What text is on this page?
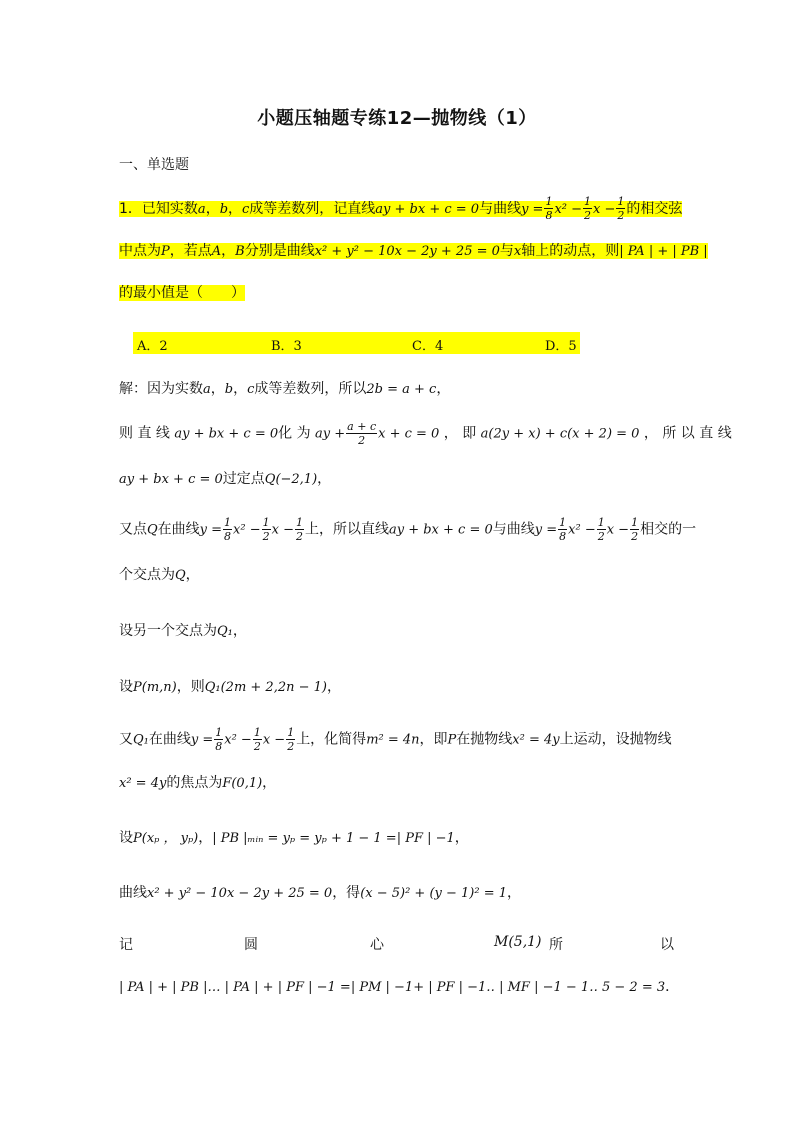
小题压轴题专练12—抛物线（1）
一、单选题
1．已知实数a，b，c成等差数列，记直线ay + bx + c = 0与曲线$y = \frac{1}{8} x^2 - \frac{1}{2}$ $x - \frac{1}{2}$ 的相交弦
中点为P，若点A，B分别是曲线x² + y² − 10x − 2y + 25 = 0与x轴上的动点，则| PA | + | PB |
的最小值是（　　）
A．2	B．3	C．4	D．5
解：因为实数a，b，c成等差数列，所以2b = a + c，
则 直 线 ay + bx + c = 0化 为 ay + $\frac{a + c}{2}$ x + c = 0 ， 即 a(2y + x) + c(x + 2) = 0 ， 所 以 直 线
ay + bx + c = 0过定点Q(−2,1)，
又点Q在曲线$y = \frac{1}{8} x^2 - \frac{1}{2}$ $x - \frac{1}{2}$ 上，所以直线ay + bx + c = 0与曲线$y = \frac{1}{8} x^2 - \frac{1}{2}$ $x - \frac{1}{2}$ 相交的一
个交点为Q，
设另一个交点为Q₁，
设P(m,n)，则Q₁(2m + 2,2n − 1)，
又Q₁在曲线$y = \frac{1}{8} x^2 - \frac{1}{2}$ $x - \frac{1}{2}$ 上，化简得m² = 4n，即P在抛物线x² = 4y上运动，设抛物线
x² = 4y的焦点为F(0,1)，
设P(xₚ ， yₚ)，| PB |ₘᵢₙ = yₚ = yₚ + 1 − 1 =| PF | −1，
曲线x² + y² − 10x − 2y + 25 = 0，得(x − 5)² + (y − 1)² = 1，
记	圆	心	M(5,1) 所	以
| PA | + | PB |… | PA | + | PF | −1 =| PM | −1+ | PF | −1‥ | MF | −1 − 1‥ 5 − 2 = 3．
